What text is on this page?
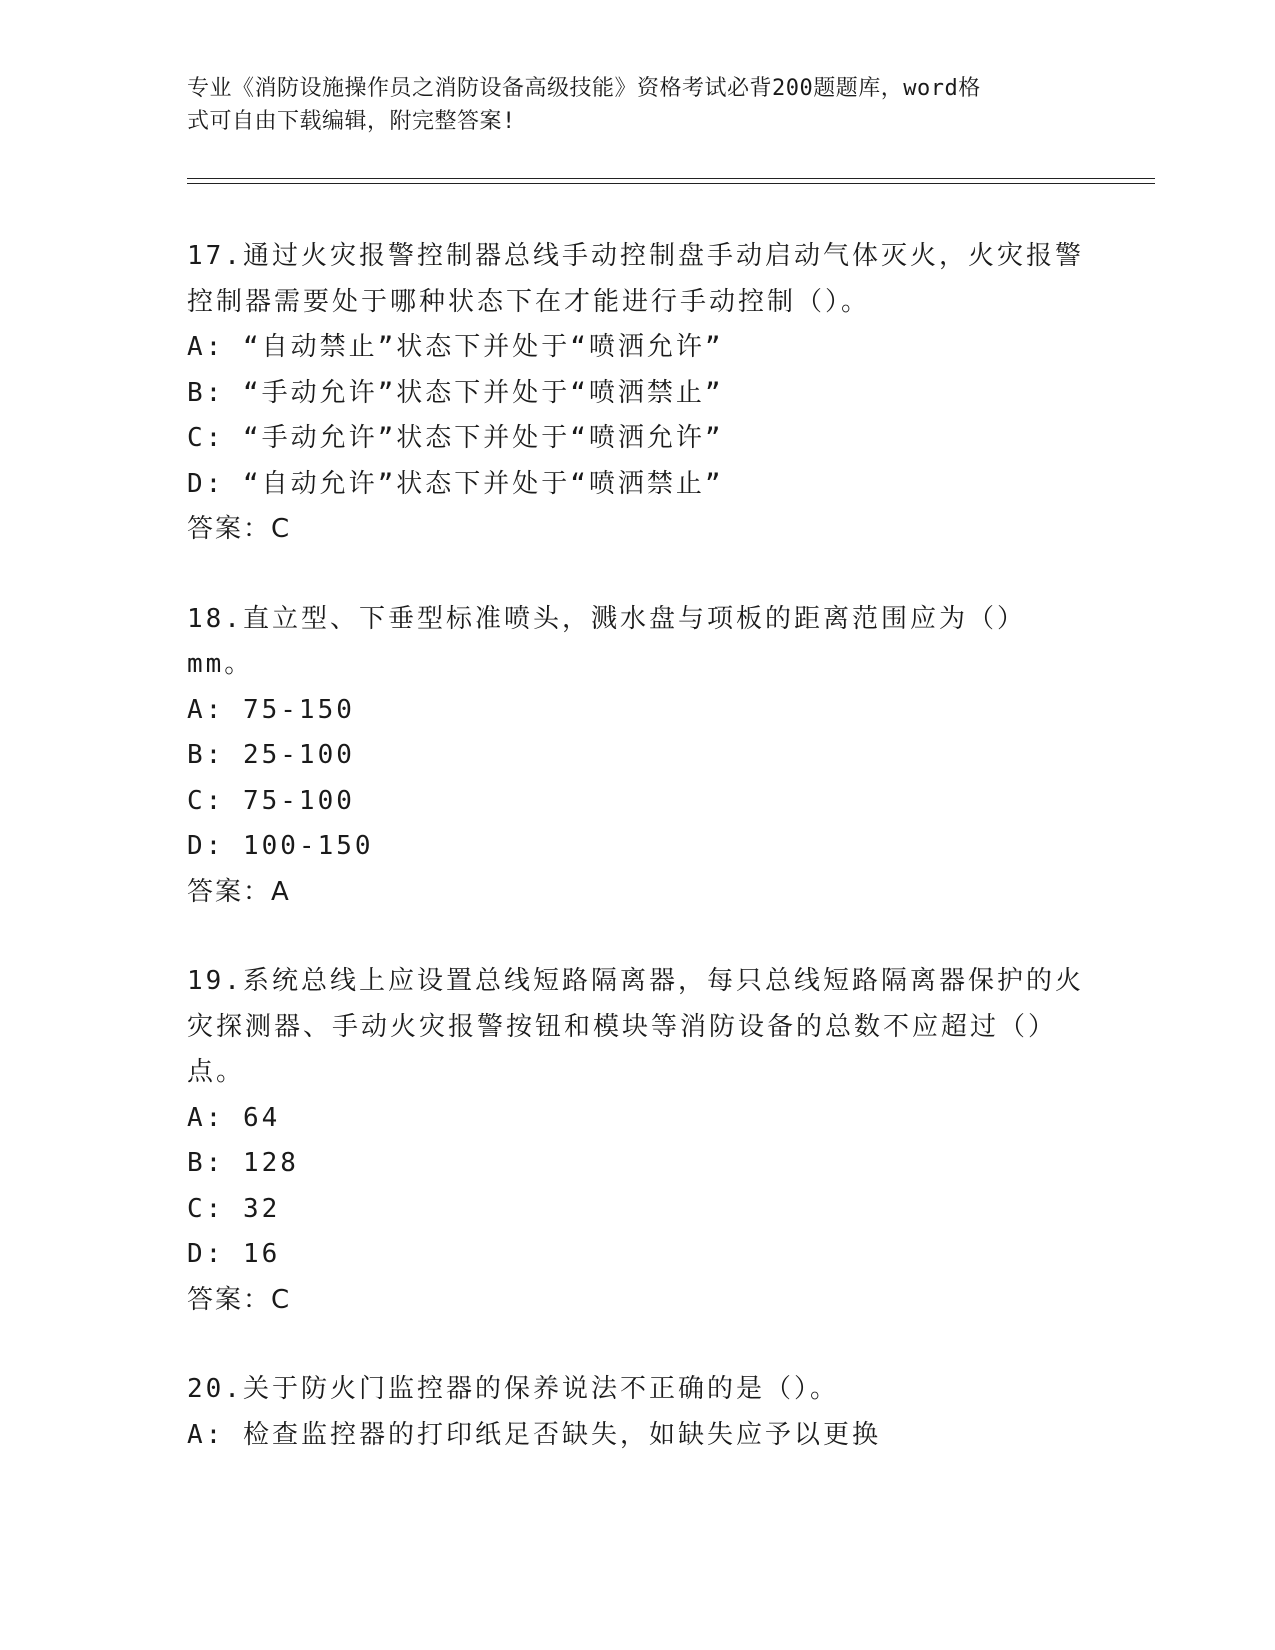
专业《消防设施操作员之消防设备高级技能》资格考试必背200题题库，word格
式可自由下载编辑，附完整答案!
17.通过火灾报警控制器总线手动控制盘手动启动气体灭火，火灾报警
控制器需要处于哪种状态下在才能进行手动控制（）。
A: “自动禁止”状态下并处于“喷洒允许”
B: “手动允许”状态下并处于“喷洒禁止”
C: “手动允许”状态下并处于“喷洒允许”
D: “自动允许”状态下并处于“喷洒禁止”
答案：C
18.直立型、下垂型标准喷头，溅水盘与项板的距离范围应为（）mm。
A: 75-150
B: 25-100
C: 75-100
D: 100-150
答案：A
19.系统总线上应设置总线短路隔离器，每只总线短路隔离器保护的火
灾探测器、手动火灾报警按钮和模块等消防设备的总数不应超过（）
点。
A: 64
B: 128
C: 32
D: 16
答案：C
20.关于防火门监控器的保养说法不正确的是（）。
A: 检查监控器的打印纸足否缺失，如缺失应予以更换
